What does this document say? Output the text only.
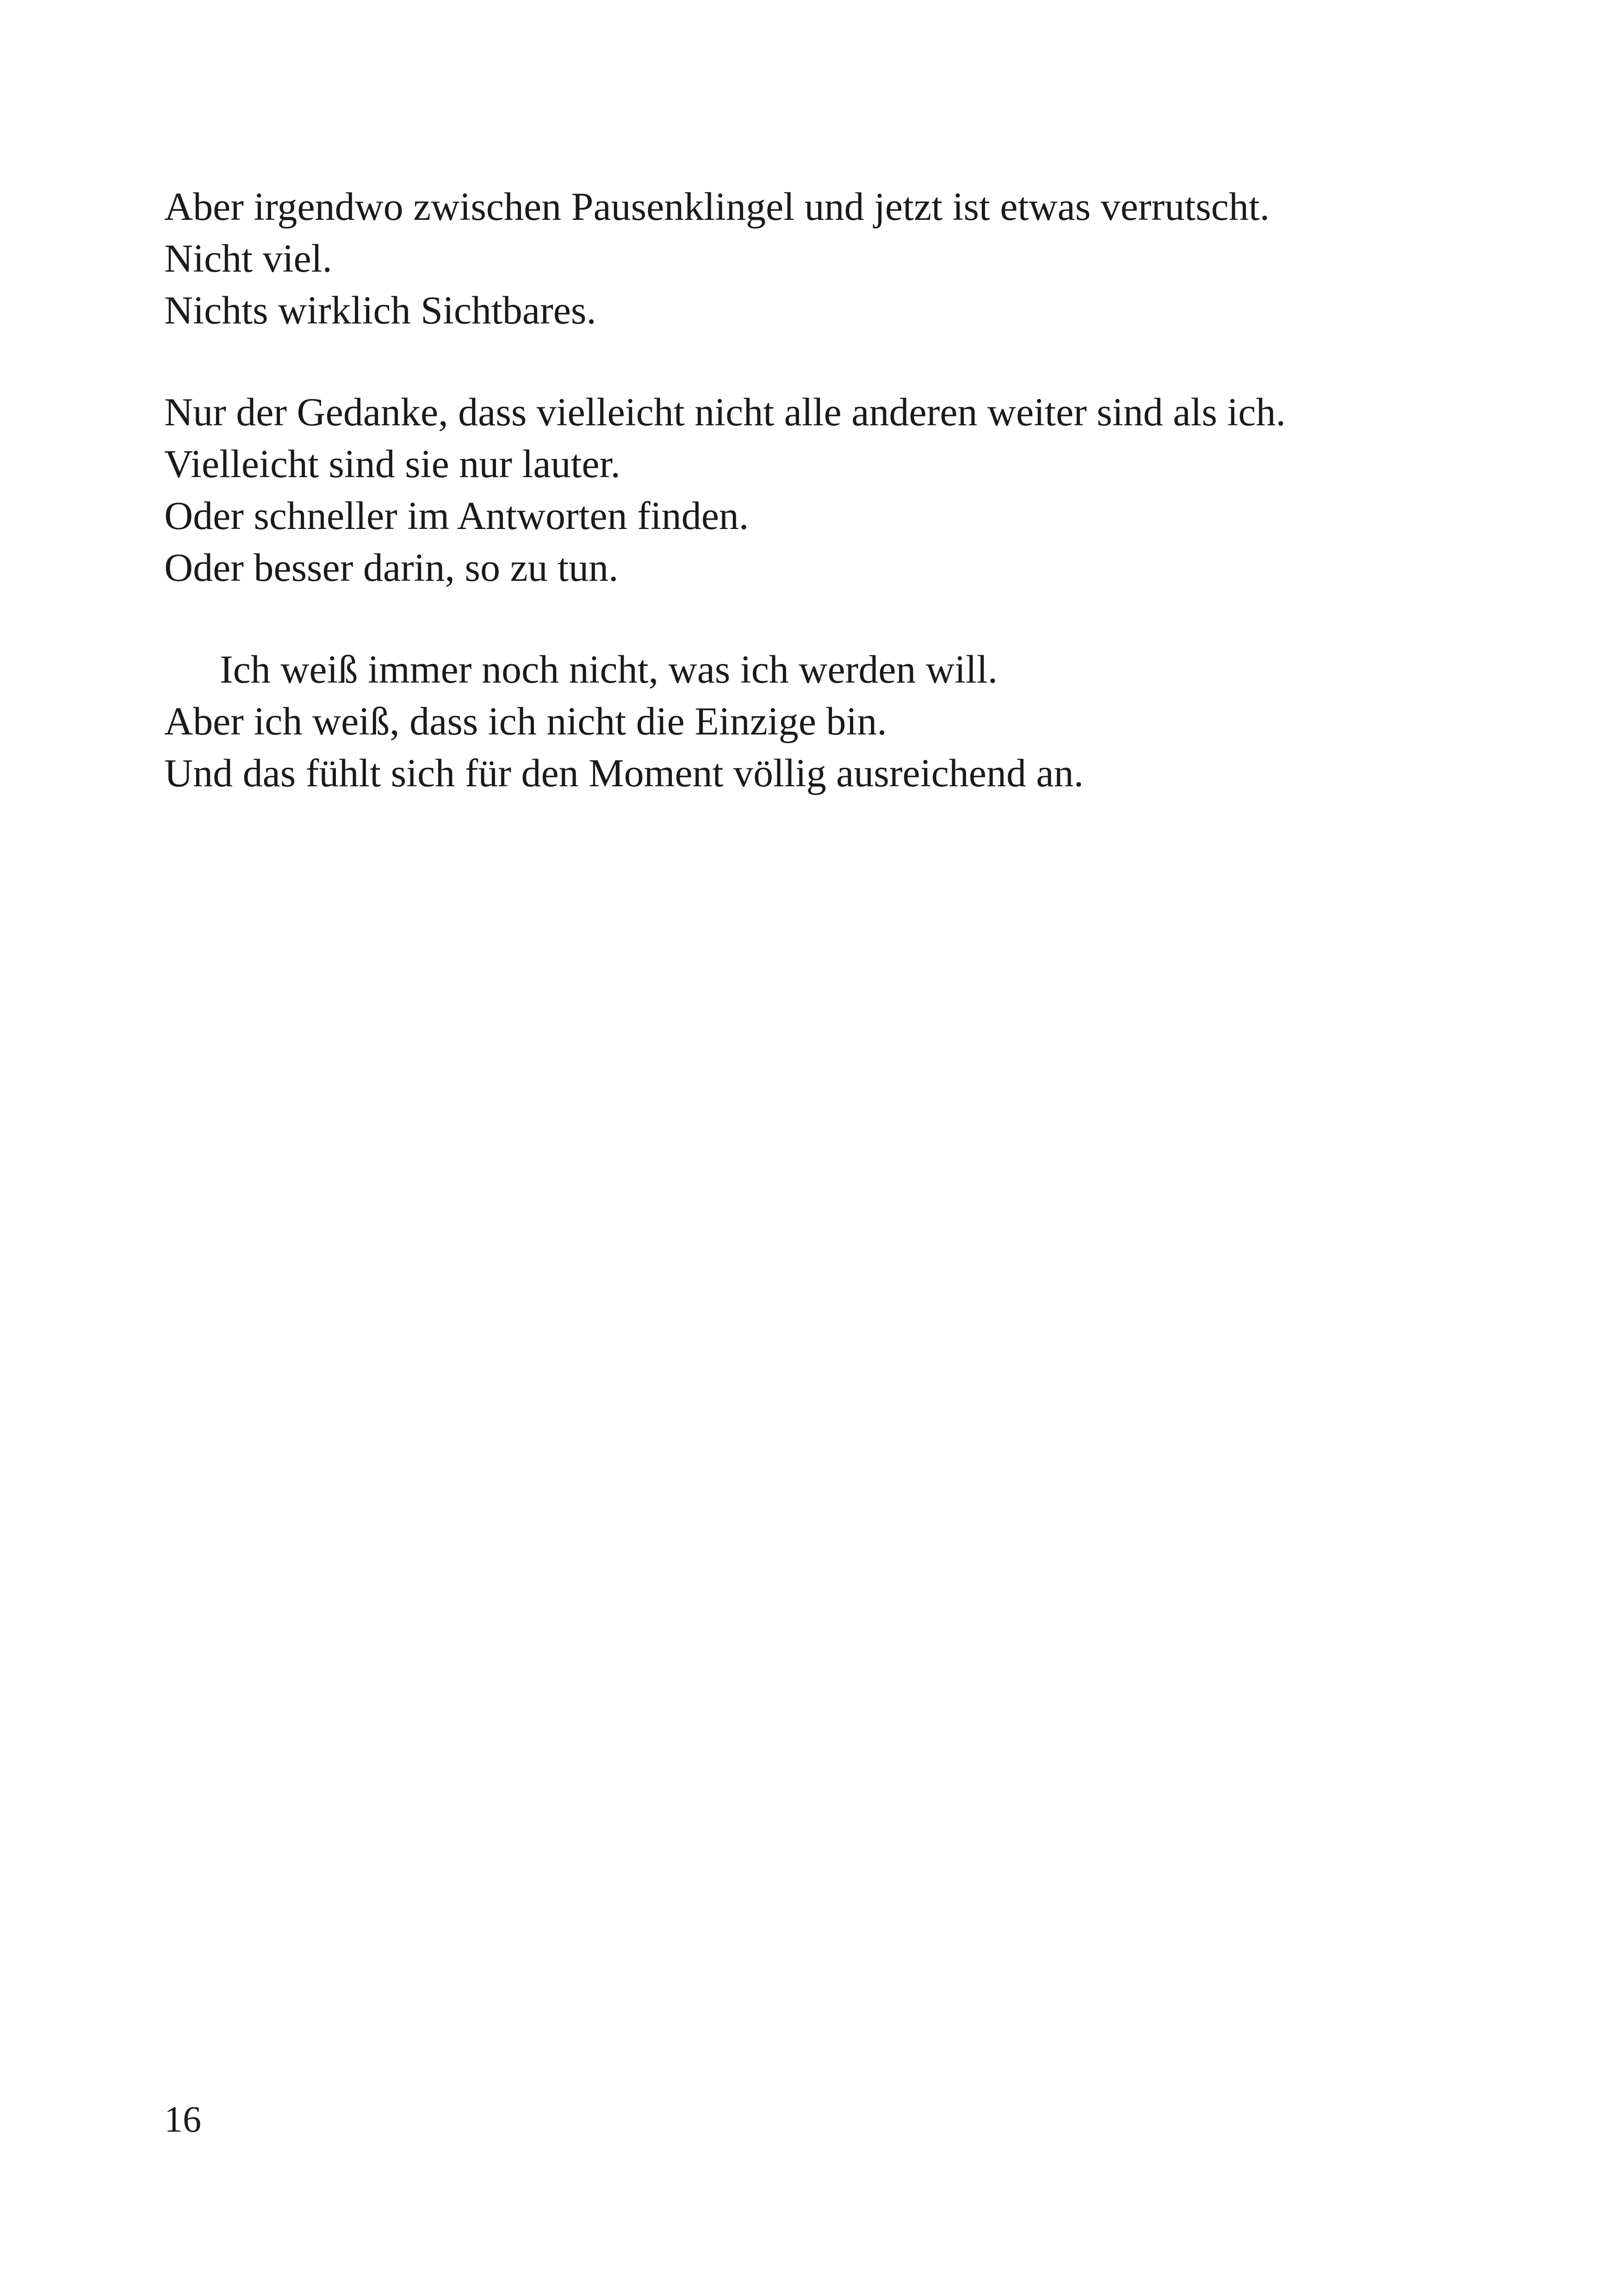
Aber irgendwo zwischen Pausenklingel und jetzt ist etwas verrutscht.
Nicht viel.
Nichts wirklich Sichtbares.
Nur der Gedanke, dass vielleicht nicht alle anderen weiter sind als ich.
Vielleicht sind sie nur lauter.
Oder schneller im Antworten finden.
Oder besser darin, so zu tun.
Ich weiß immer noch nicht, was ich werden will.
Aber ich weiß, dass ich nicht die Einzige bin.
Und das fühlt sich für den Moment völlig ausreichend an.
16
